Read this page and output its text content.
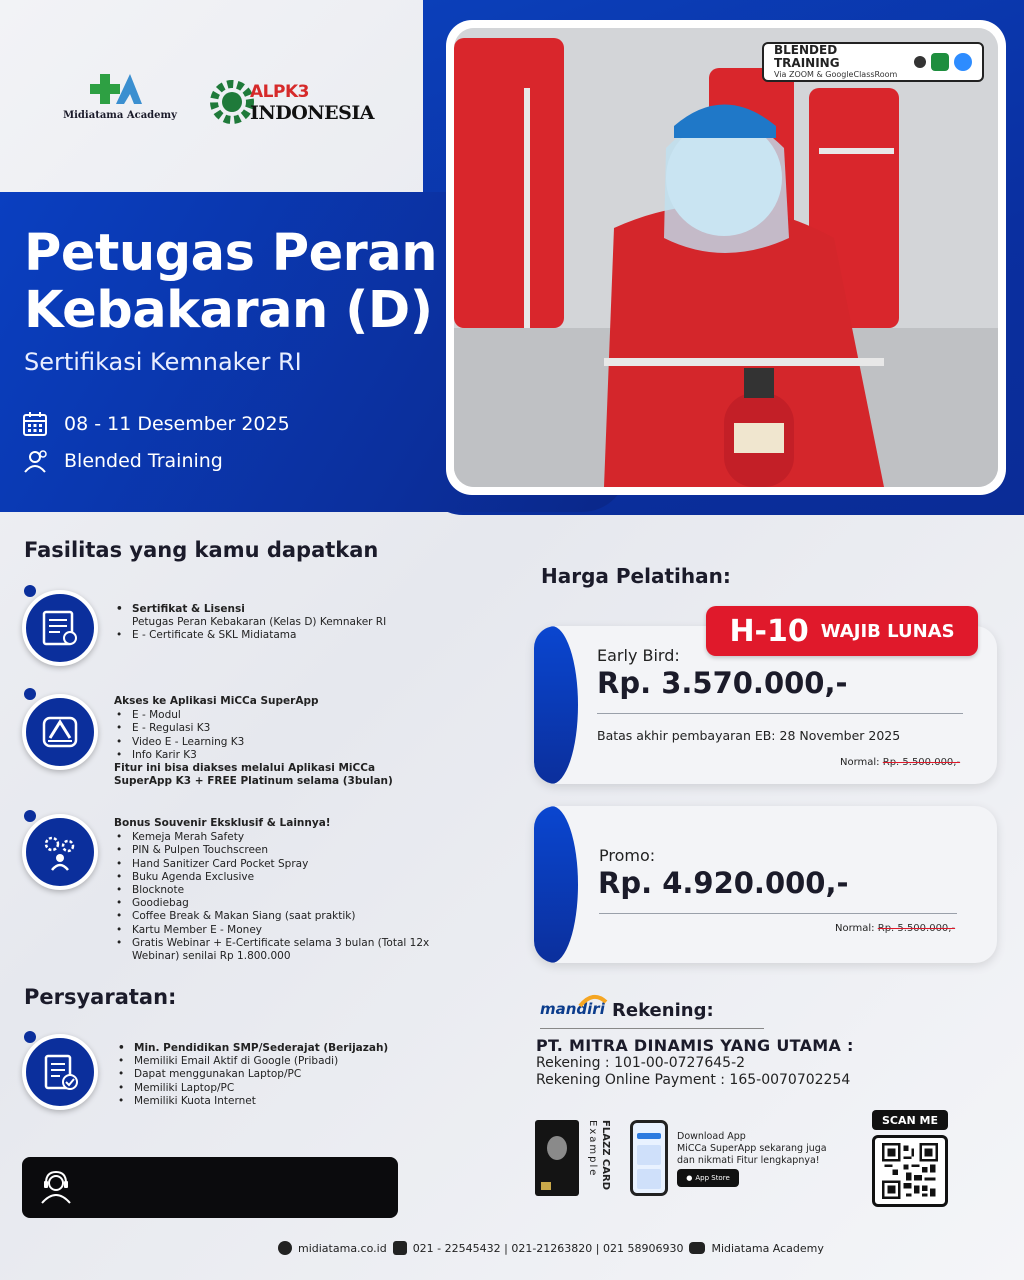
BLENDED TRAINING
Via ZOOM & GoogleClassRoom
Midiatama Academy
ALPK3
INDONESIA
Petugas Peran
Kebakaran (D)
Sertifikasi Kemnaker RI
08 - 11 Desember 2025
Blended Training
Fasilitas yang kamu dapatkan
• Sertifikat & Lisensi
Petugas Peran Kebakaran (Kelas D) Kemnaker RI
• E - Certificate & SKL Midiatama
Akses ke Aplikasi MiCCa SuperApp
• E - Modul
• E - Regulasi K3
• Video E - Learning K3
• Info Karir K3
Fitur ini bisa diakses melalui Aplikasi MiCCa
SuperApp K3 + FREE Platinum selama (3bulan)
Bonus Souvenir Eksklusif & Lainnya!
• Kemeja Merah Safety
• PIN & Pulpen Touchscreen
• Hand Sanitizer Card Pocket Spray
• Buku Agenda Exclusive
• Blocknote
• Goodiebag
• Coffee Break & Makan Siang (saat praktik)
• Kartu Member E - Money
• Gratis Webinar + E-Certificate selama 3 bulan (Total 12x
Webinar) senilai Rp 1.800.000
Persyaratan:
• Min. Pendidikan SMP/Sederajat (Berijazah)
• Memiliki Email Aktif di Google (Pribadi)
• Dapat menggunakan Laptop/PC
• Memiliki Laptop/PC
• Memiliki Kuota Internet
Harga Pelatihan:
H-10 WAJIB LUNAS
Early Bird:
Rp. 3.570.000,-
Batas akhir pembayaran EB: 28 November 2025
Normal: Rp. 5.500.000,-
Promo:
Rp. 4.920.000,-
Normal: Rp. 5.500.000,-
mandiri Rekening:
PT. MITRA DINAMIS YANG UTAMA :
Rekening : 101-00-0727645-2
Rekening Online Payment : 165-0070702254
FLAZZ CARD Example	Download App
MiCCa SuperApp sekarang juga
dan nikmati Fitur lengkapnya!
● App Store
SCAN ME
midiatama.co.id 021 - 22545432 | 021-21263820 | 021 58906930	Midiatama Academy
